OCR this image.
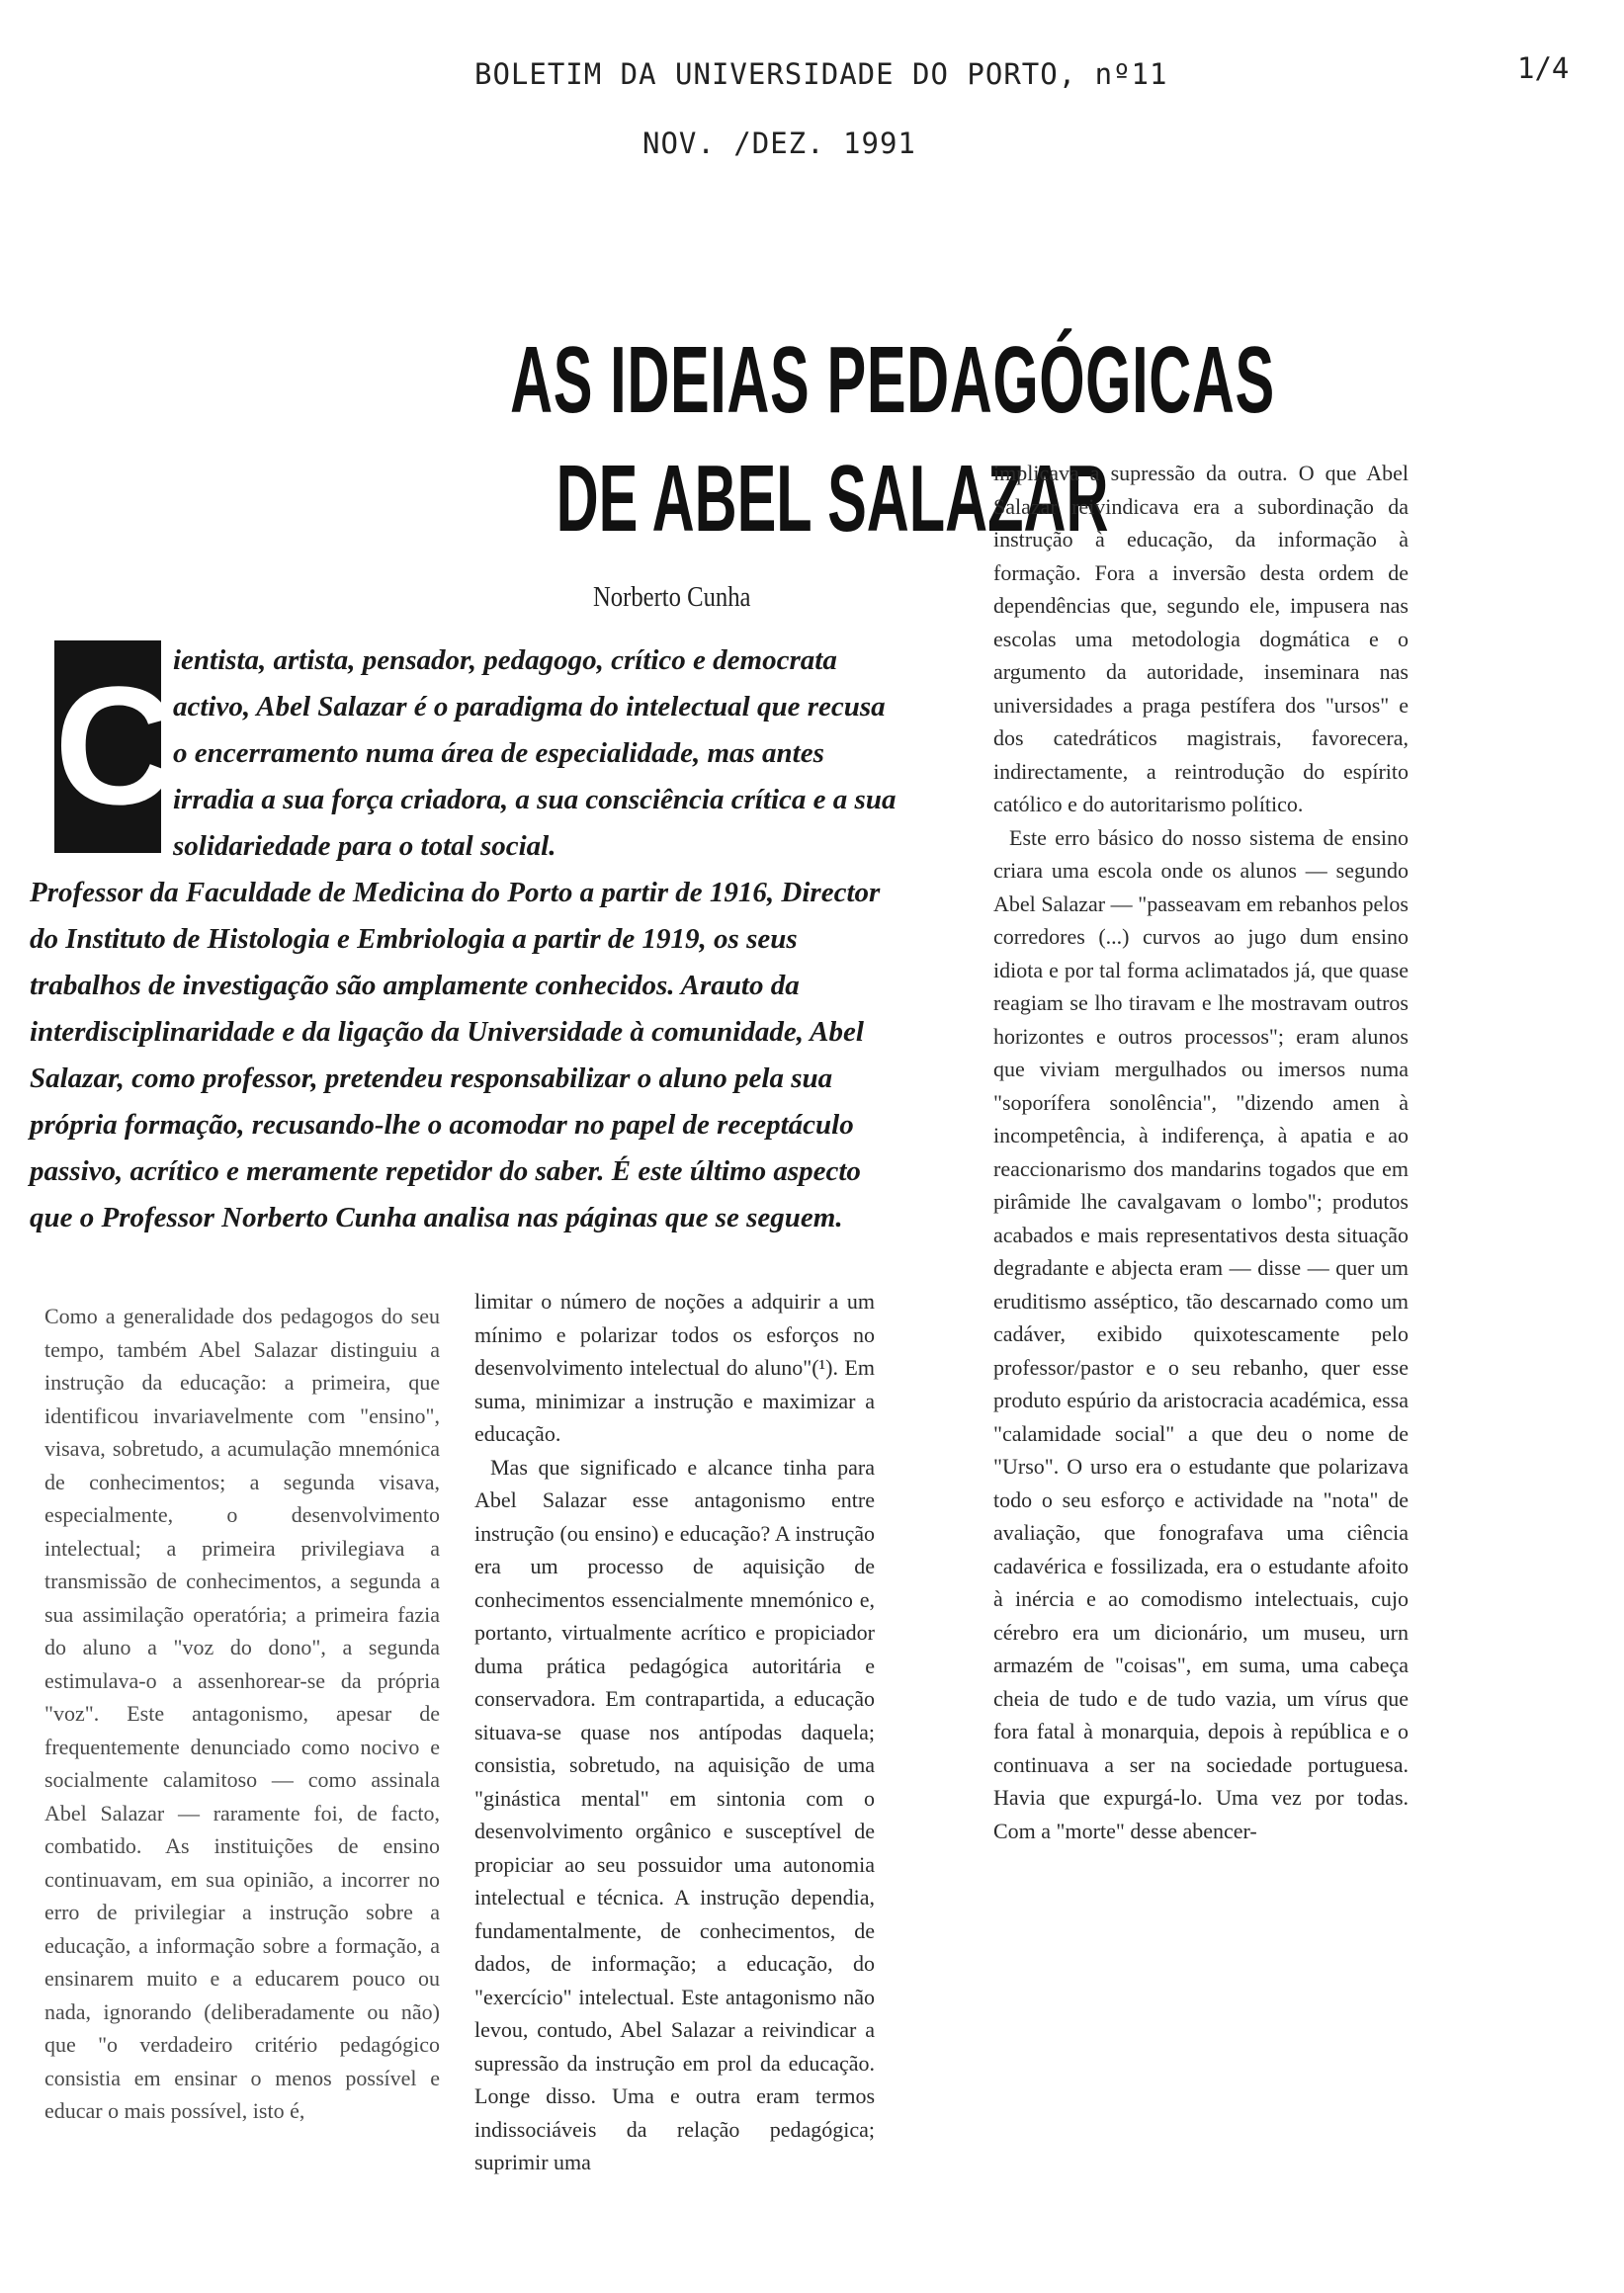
BOLETIM DA UNIVERSIDADE DO PORTO, nº11
NOV. /DEZ. 1991
1/4
AS IDEIAS PEDAGÓGICAS
DE ABEL SALAZAR
Norberto Cunha
C
ientista, artista, pensador, pedagogo, crítico e democrata activo, Abel Salazar é o paradigma do intelectual que recusa o encerramento numa área de especialidade, mas antes irradia a sua força criadora, a sua consciência crítica e a sua solidariedade para o total social.
Professor da Faculdade de Medicina do Porto a partir de 1916, Director do Instituto de Histologia e Embriologia a partir de 1919, os seus trabalhos de investigação são amplamente conhecidos. Arauto da interdisciplinaridade e da ligação da Universidade à comunidade, Abel Salazar, como professor, pretendeu responsabilizar o aluno pela sua própria formação, recusando-lhe o acomodar no papel de receptáculo passivo, acrítico e meramente repetidor do saber. É este último aspecto que o Professor Norberto Cunha analisa nas páginas que se seguem.

Como a generalidade dos pedagogos do seu tempo, também Abel Salazar distinguiu a instrução da educação: a primeira, que identificou invariavelmente com "ensino", visava, sobretudo, a acumulação mnemónica de conhecimentos; a segunda visava, especialmente, o desenvolvimento intelectual; a primeira privilegiava a transmissão de conhecimentos, a segunda a sua assimilação operatória; a primeira fazia do aluno a "voz do dono", a segunda estimulava-o a assenhorear-se da própria "voz". Este antagonismo, apesar de frequentemente denunciado como nocivo e socialmente calamitoso — como assinala Abel Salazar — raramente foi, de facto, combatido. As instituições de ensino continuavam, em sua opinião, a incorrer no erro de privilegiar a instrução sobre a educação, a informação sobre a formação, a ensinarem muito e a educarem pouco ou nada, ignorando (deliberadamente ou não) que "o verdadeiro critério pedagógico consistia em ensinar o menos possível e educar o mais possível, isto é,

limitar o número de noções a adquirir a um mínimo e polarizar todos os esforços no desenvolvimento intelectual do aluno"(¹). Em suma, minimizar a instrução e maximizar a educação.

Mas que significado e alcance tinha para Abel Salazar esse antagonismo entre instrução (ou ensino) e educação? A instrução era um processo de aquisição de conhecimentos essencialmente mnemónico e, portanto, virtualmente acrítico e propiciador duma prática pedagógica autoritária e conservadora. Em contrapartida, a educação situava-se quase nos antípodas daquela; consistia, sobretudo, na aquisição de uma "ginástica mental" em sintonia com o desenvolvimento orgânico e susceptível de propiciar ao seu possuidor uma autonomia intelectual e técnica. A instrução dependia, fundamentalmente, de conhecimentos, de dados, de informação; a educação, do "exercício" intelectual. Este antagonismo não levou, contudo, Abel Salazar a reivindicar a supressão da instrução em prol da educação. Longe disso. Uma e outra eram termos indissociáveis da relação pedagógica; suprimir uma

implicava a supressão da outra. O que Abel Salazar reivindicava era a subordinação da instrução à educação, da informação à formação. Fora a inversão desta ordem de dependências que, segundo ele, impusera nas escolas uma metodologia dogmática e o argumento da autoridade, inseminara nas universidades a praga pestífera dos "ursos" e dos catedráticos magistrais, favorecera, indirectamente, a reintrodução do espírito católico e do autoritarismo político.

Este erro básico do nosso sistema de ensino criara uma escola onde os alunos — segundo Abel Salazar — "passeavam em rebanhos pelos corredores (...) curvos ao jugo dum ensino idiota e por tal forma aclimatados já, que quase reagiam se lho tiravam e lhe mostravam outros horizontes e outros processos"; eram alunos que viviam mergulhados ou imersos numa "soporífera sonolência", "dizendo amen à incompetência, à indiferença, à apatia e ao reaccionarismo dos mandarins togados que em pirâmide lhe cavalgavam o lombo"; produtos acabados e mais representativos desta situação degradante e abjecta eram — disse — quer um eruditismo asséptico, tão descarnado como um cadáver, exibido quixotescamente pelo professor/pastor e o seu rebanho, quer esse produto espúrio da aristocracia académica, essa "calamidade social" a que deu o nome de "Urso". O urso era o estudante que polarizava todo o seu esforço e actividade na "nota" de avaliação, que fonografava uma ciência cadavérica e fossilizada, era o estudante afoito à inércia e ao comodismo intelectuais, cujo cérebro era um dicionário, um museu, urn armazém de "coisas", em suma, uma cabeça cheia de tudo e de tudo vazia, um vírus que fora fatal à monarquia, depois à república e o continuava a ser na sociedade portuguesa. Havia que expurgá-lo. Uma vez por todas. Com a "morte" desse abencer-
